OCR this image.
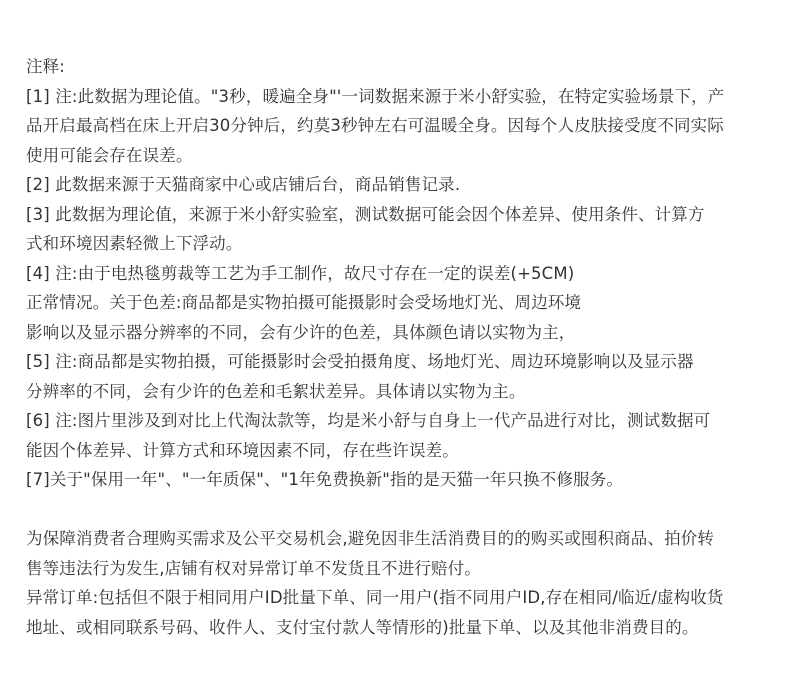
注释:
[1] 注:此数据为理论值。"3秒，暖遍全身"'一词数据来源于米小舒实验，在特定实验场景下，产
品开启最高档在床上开启30分钟后，约莫3秒钟左右可温暖全身。因每个人皮肤接受度不同实际
使用可能会存在误差。
[2] 此数据来源于天猫商家中心或店铺后台，商品销售记录.
[3] 此数据为理论值，来源于米小舒实验室，测试数据可能会因个体差异、使用条件、计算方
式和环境因素轻微上下浮动。
[4] 注:由于电热毯剪裁等工艺为手工制作，故尺寸存在一定的误差(+5CM)
正常情况。关于色差:商品都是实物拍摄可能摄影时会受场地灯光、周边环境
影响以及显示器分辨率的不同，会有少许的色差，具体颜色请以实物为主，
[5] 注:商品都是实物拍摄，可能摄影时会受拍摄角度、场地灯光、周边环境影响以及显示器
分辨率的不同，会有少许的色差和毛絮状差异。具体请以实物为主。
[6] 注:图片里涉及到对比上代淘汰款等，均是米小舒与自身上一代产品进行对比，测试数据可
能因个体差异、计算方式和环境因素不同，存在些许误差。
[7]关于"保用一年"、"一年质保"、"1年免费换新"指的是天猫一年只换不修服务。
为保障消费者合理购买需求及公平交易机会,避免因非生活消费目的的购买或囤积商品、拍价转
售等违法行为发生,店铺有权对异常订单不发货且不进行赔付。
异常订单:包括但不限于相同用户ID批量下单、同一用户(指不同用户ID,存在相同/临近/虚构收货
地址、或相同联系号码、收件人、支付宝付款人等情形的)批量下单、以及其他非消费目的。
